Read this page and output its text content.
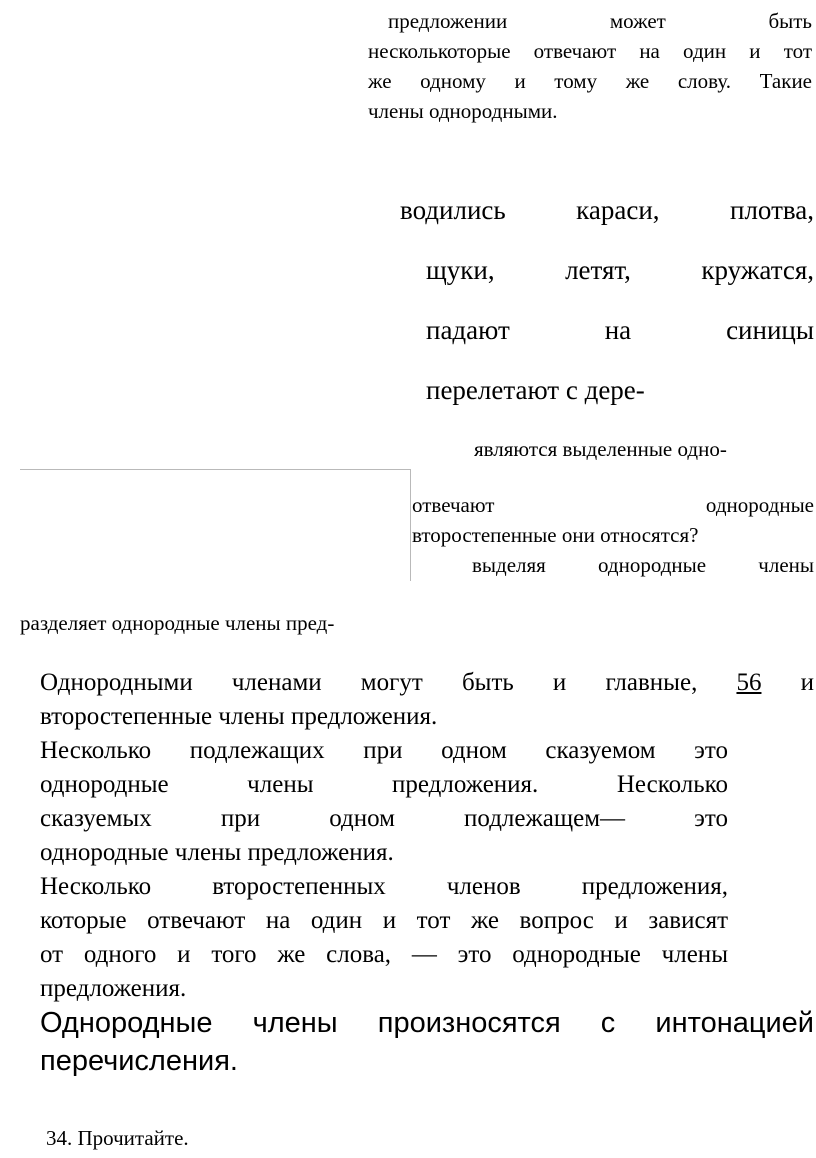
предложении может быть
несколькоторые отвечают на один и тот
же одному и тому же слову. Такие
члены однородными.
водились караси, плотва,
щуки, летят, кружатся,
падают на синицы
перелетают с дере-
являются выделенные одно-
отвечают однородные
второстепенные они относятся?
выделяя однородные члены
разделяет однородные члены пред-
Однородными членами могут быть и главные, 56 и
второстепенные члены предложения.
Несколько подлежащих при одном сказуемом это
однородные члены предложения. Несколько
сказуемых при одном подлежащем— это
однородные члены предложения.
Несколько второстепенных членов предложения,
которые отвечают на один и тот же вопрос и зависят
от одного и того же слова, — это однородные члены
предложения.
Однородные члены произносятся с интонацией
перечисления.
34. Прочитайте.
